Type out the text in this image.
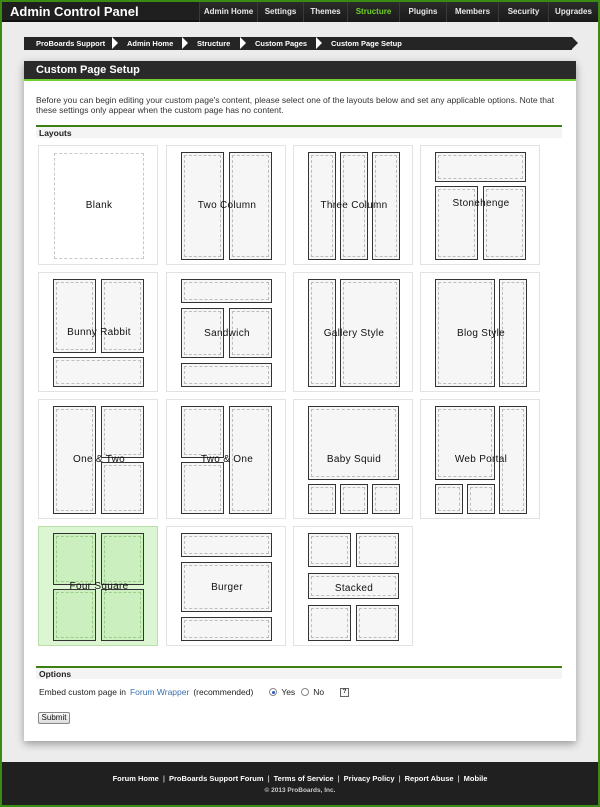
Admin Control Panel	Admin Home	Settings	Themes	Structure	Plugins	Members	Security	Upgrades
ProBoards Support	Admin Home	Structure	Custom Pages	Custom Page Setup
Custom Page Setup
Before you can begin editing your custom page's content, please select one of the layouts below and set any applicable options. Note that these settings only appear when the custom page has no content.
Layouts
Blank	Two Column	Three Column	Stonehenge
Bunny Rabbit	Sandwich	Gallery Style	Blog Style
One & Two	Two & One	Baby Squid	Web Portal
Four Square	Burger	Stacked
Options
Embed custom page in Forum Wrapper (recommended)	Yes No	?
Submit
Forum Home | ProBoards Support Forum | Terms of Service | Privacy Policy | Report Abuse | Mobile
© 2013 ProBoards, Inc.
